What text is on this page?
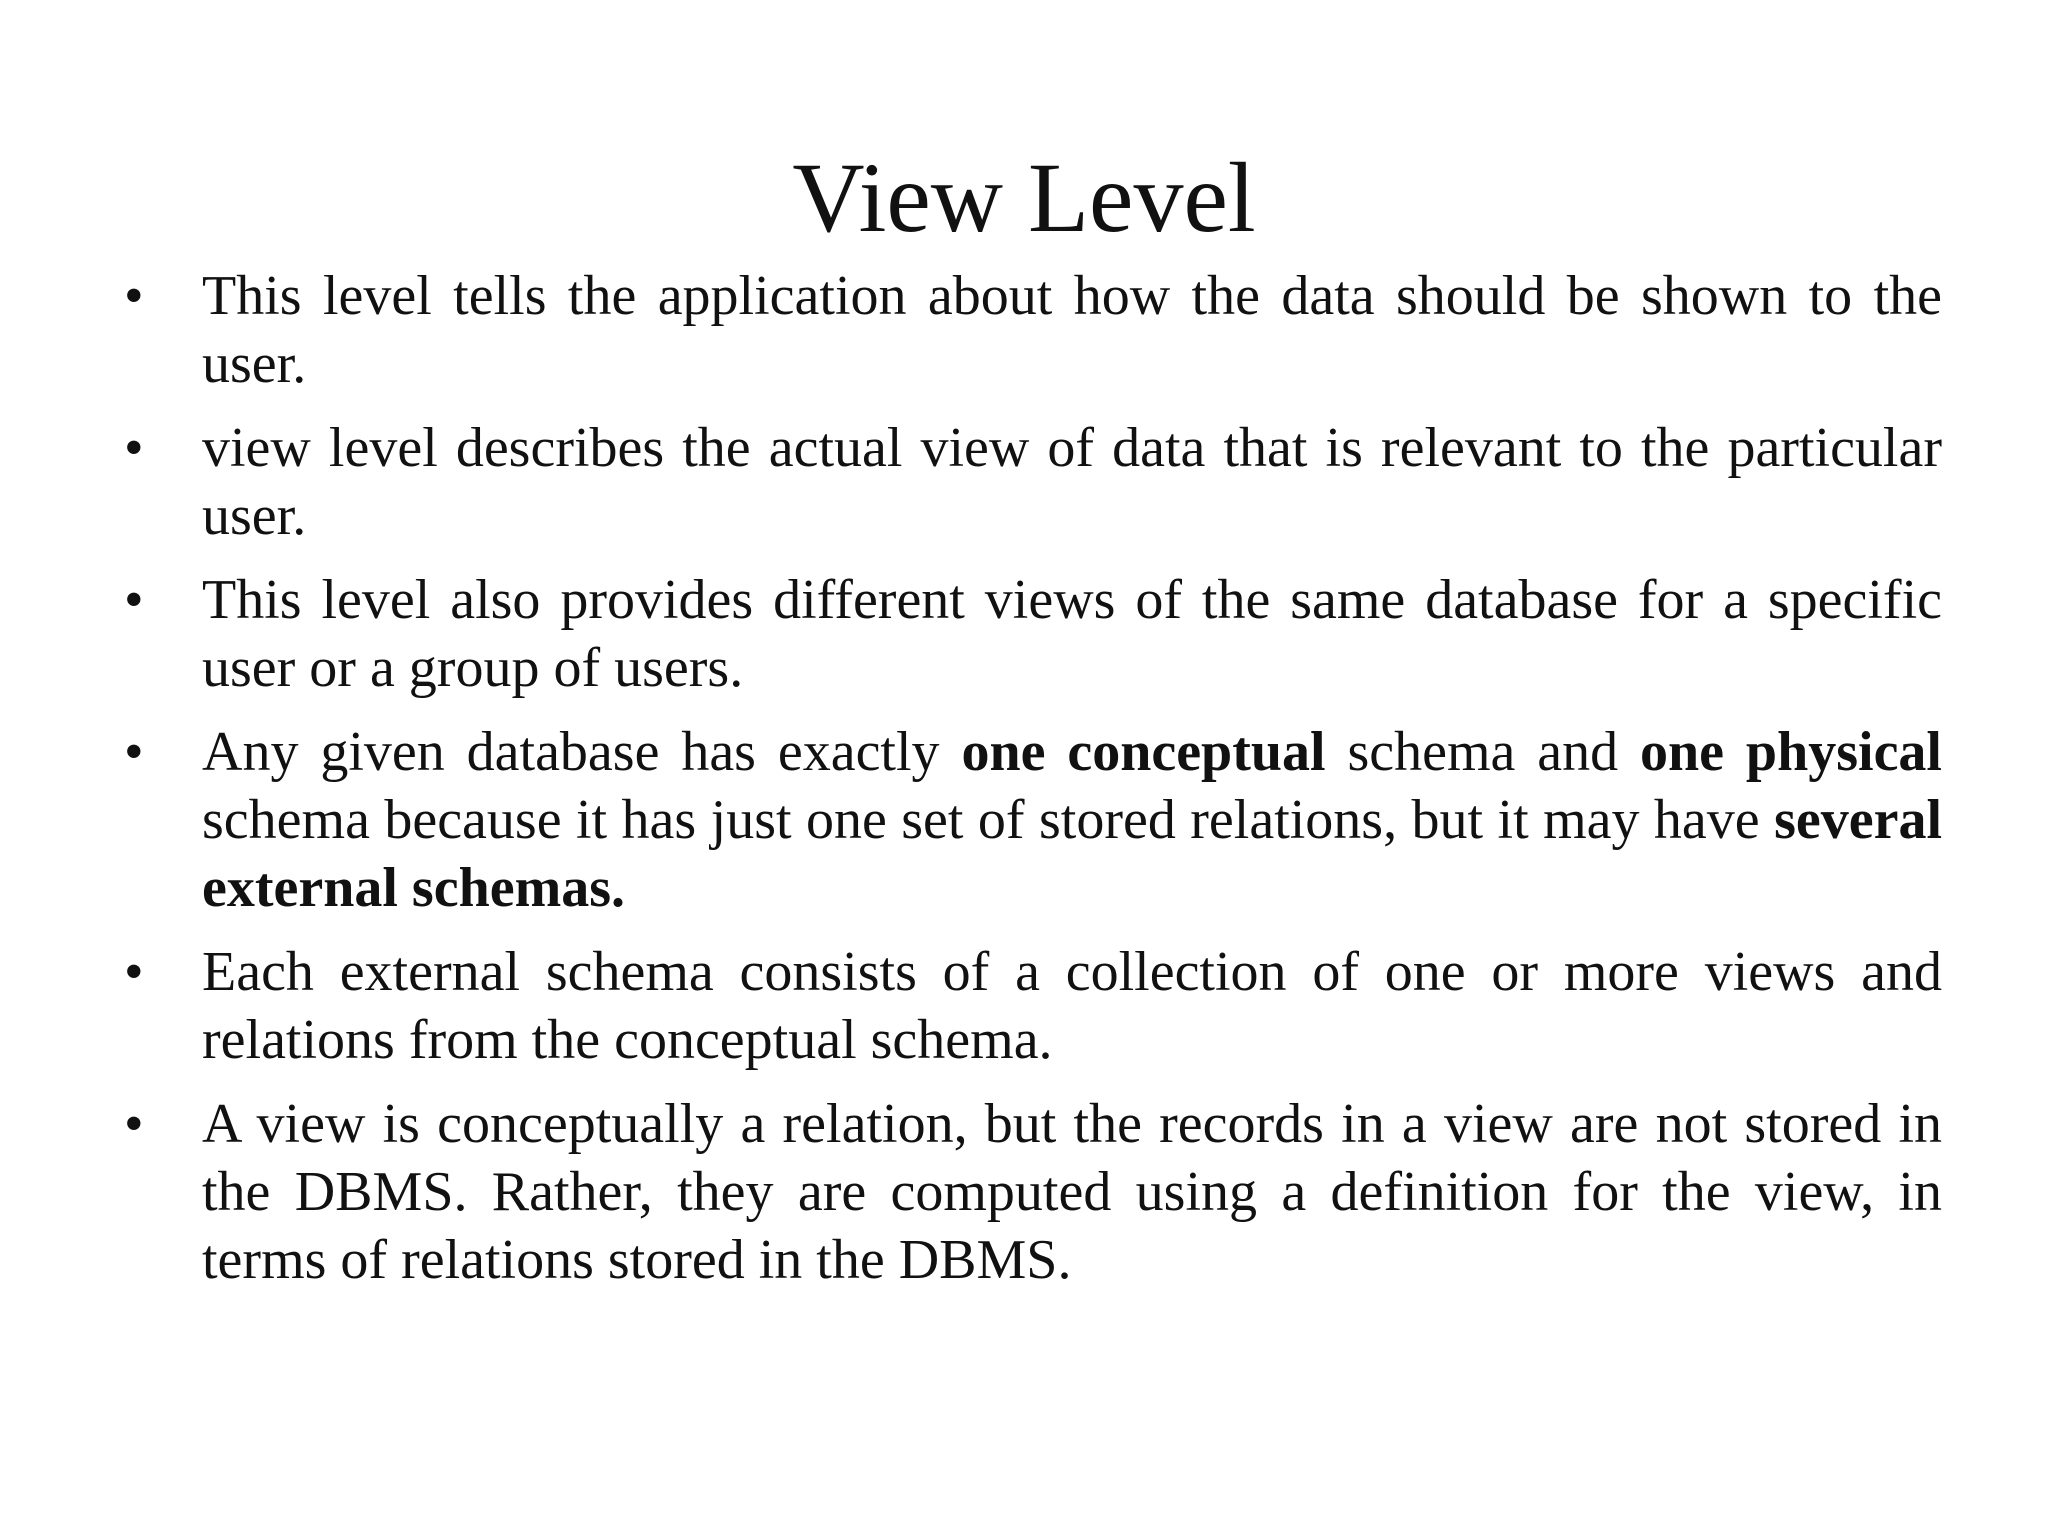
View Level
• This level tells the application about how the data should be shown to the user.
• view level describes the actual view of data that is relevant to the particular user.
• This level also provides different views of the same database for a specific user or a group of users.
• Any given database has exactly one conceptual schema and one physical schema because it has just one set of stored relations, but it may have several external schemas.
• Each external schema consists of a collection of one or more views and relations from the conceptual schema.
• A view is conceptually a relation, but the records in a view are not stored in the DBMS. Rather, they are computed using a definition for the view, in terms of relations stored in the DBMS.
